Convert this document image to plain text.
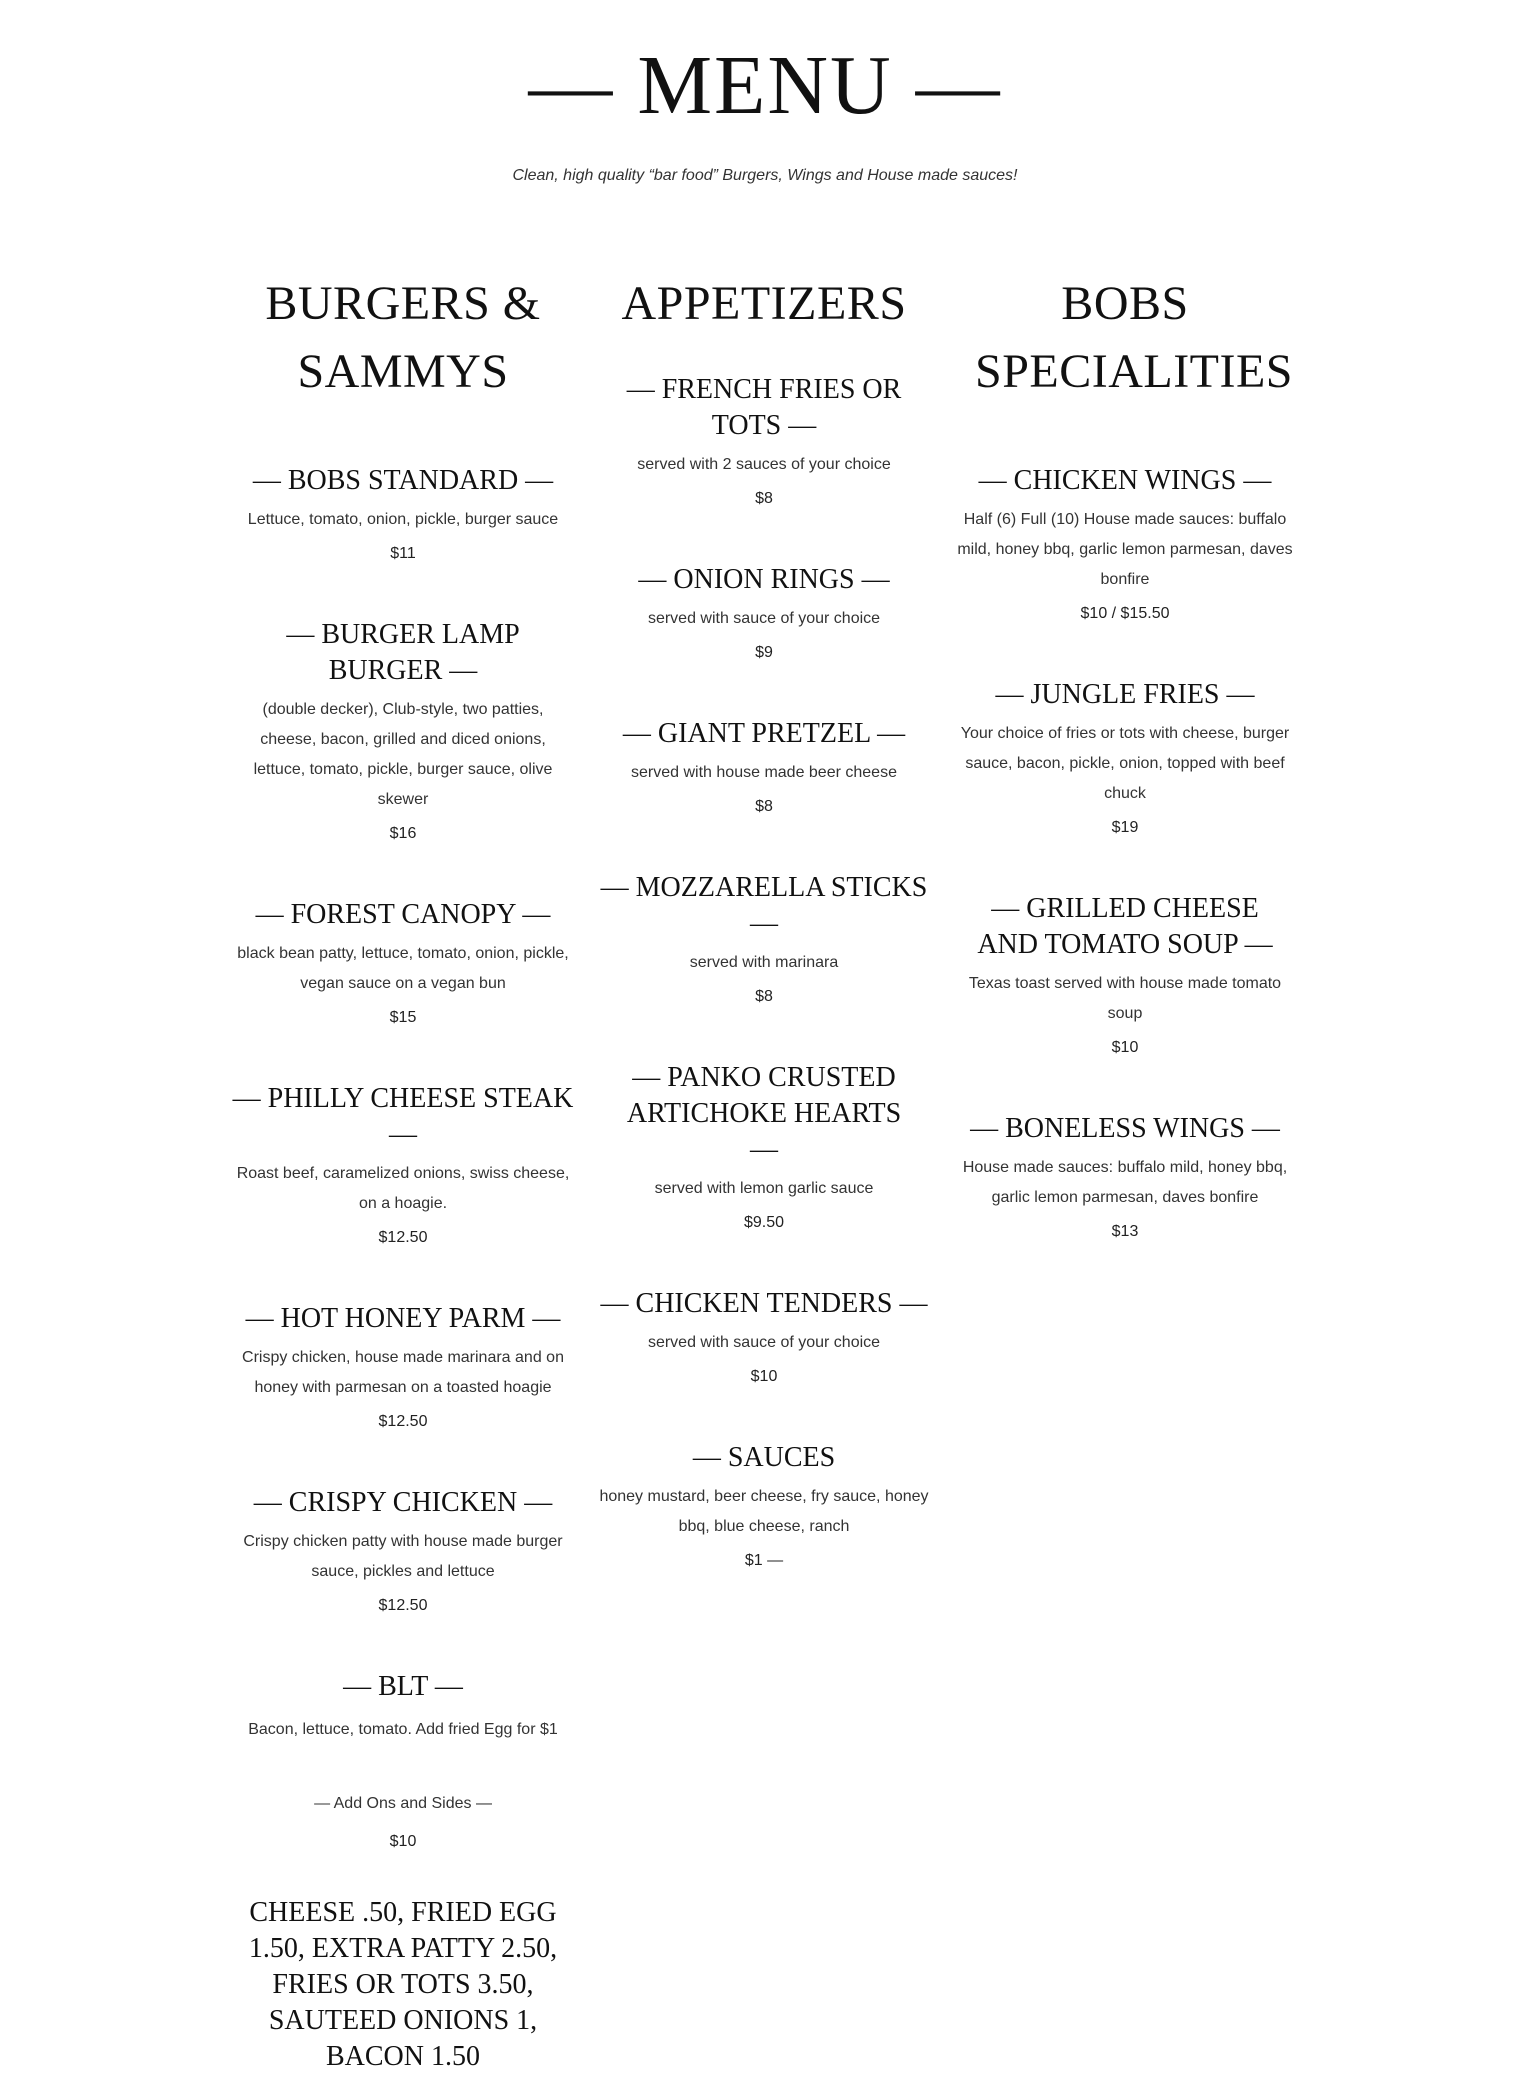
— MENU —

Clean, high quality “bar food” Burgers, Wings and House made sauces!

BURGERS & SAMMYS
— BOBS STANDARD —

Lettuce, tomato, onion, pickle, burger sauce

$11

— BURGER LAMP BURGER —

(double decker), Club-style, two patties, cheese, bacon, grilled and diced onions, lettuce, tomato, pickle, burger sauce, olive skewer

$16

— FOREST CANOPY —

black bean patty, lettuce, tomato, onion, pickle, vegan sauce on a vegan bun

$15

— PHILLY CHEESE STEAK —

Roast beef, caramelized onions, swiss cheese, on a hoagie.

$12.50

— HOT HONEY PARM —

Crispy chicken, house made marinara and on honey with parmesan on a toasted hoagie

$12.50

— CRISPY CHICKEN —

Crispy chicken patty with house made burger sauce, pickles and lettuce

$12.50

— BLT —

Bacon, lettuce, tomato. Add fried Egg for $1

— Add Ons and Sides —

$10

CHEESE .50, FRIED EGG 1.50, EXTRA PATTY 2.50, FRIES OR TOTS 3.50, SAUTEED ONIONS 1, BACON 1.50

APPETIZERS
— FRENCH FRIES OR TOTS —

served with 2 sauces of your choice

$8

— ONION RINGS —

served with sauce of your choice

$9

— GIANT PRETZEL —

served with house made beer cheese

$8

— MOZZARELLA STICKS —

served with marinara

$8

— PANKO CRUSTED ARTICHOKE HEARTS —

served with lemon garlic sauce

$9.50

— CHICKEN TENDERS —

served with sauce of your choice

$10

— SAUCES

honey mustard, beer cheese, fry sauce, honey bbq, blue cheese, ranch

$1 —

BOBS SPECIALITIES
— CHICKEN WINGS —

Half (6) Full (10) House made sauces: buffalo mild, honey bbq, garlic lemon parmesan, daves bonfire

$10 / $15.50

— JUNGLE FRIES —

Your choice of fries or tots with cheese, burger sauce, bacon, pickle, onion, topped with beef chuck

$19

— GRILLED CHEESE AND TOMATO SOUP —

Texas toast served with house made tomato soup

$10

— BONELESS WINGS —

House made sauces: buffalo mild, honey bbq, garlic lemon parmesan, daves bonfire

$13
